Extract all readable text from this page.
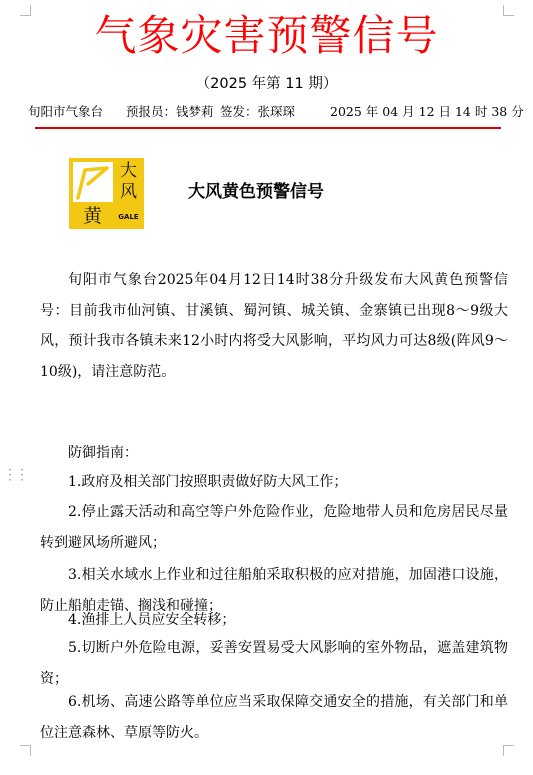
⋮⋮
气象灾害预警信号
（2025 年第 11 期）
旬阳市气象台 预报员：钱梦莉 签发：张琛琛	2025 年 04 月 12 日 14 时 38 分
大
风
黄	GALE
大风黄色预警信号
旬阳市气象台2025年04月12日14时38分升级发布大风黄色预警信号：目前我市仙河镇、甘溪镇、蜀河镇、城关镇、金寨镇已出现8～9级大风，预计我市各镇未来12小时内将受大风影响，平均风力可达8级(阵风9～10级)，请注意防范。
防御指南：
1.政府及相关部门按照职责做好防大风工作；
2.停止露天活动和高空等户外危险作业，危险地带人员和危房居民尽量转到避风场所避风；
3.相关水域水上作业和过往船舶采取积极的应对措施，加固港口设施，防止船舶走锚、搁浅和碰撞；
4.渔排上人员应安全转移；
5.切断户外危险电源，妥善安置易受大风影响的室外物品，遮盖建筑物资；
6.机场、高速公路等单位应当采取保障交通安全的措施，有关部门和单位注意森林、草原等防火。
